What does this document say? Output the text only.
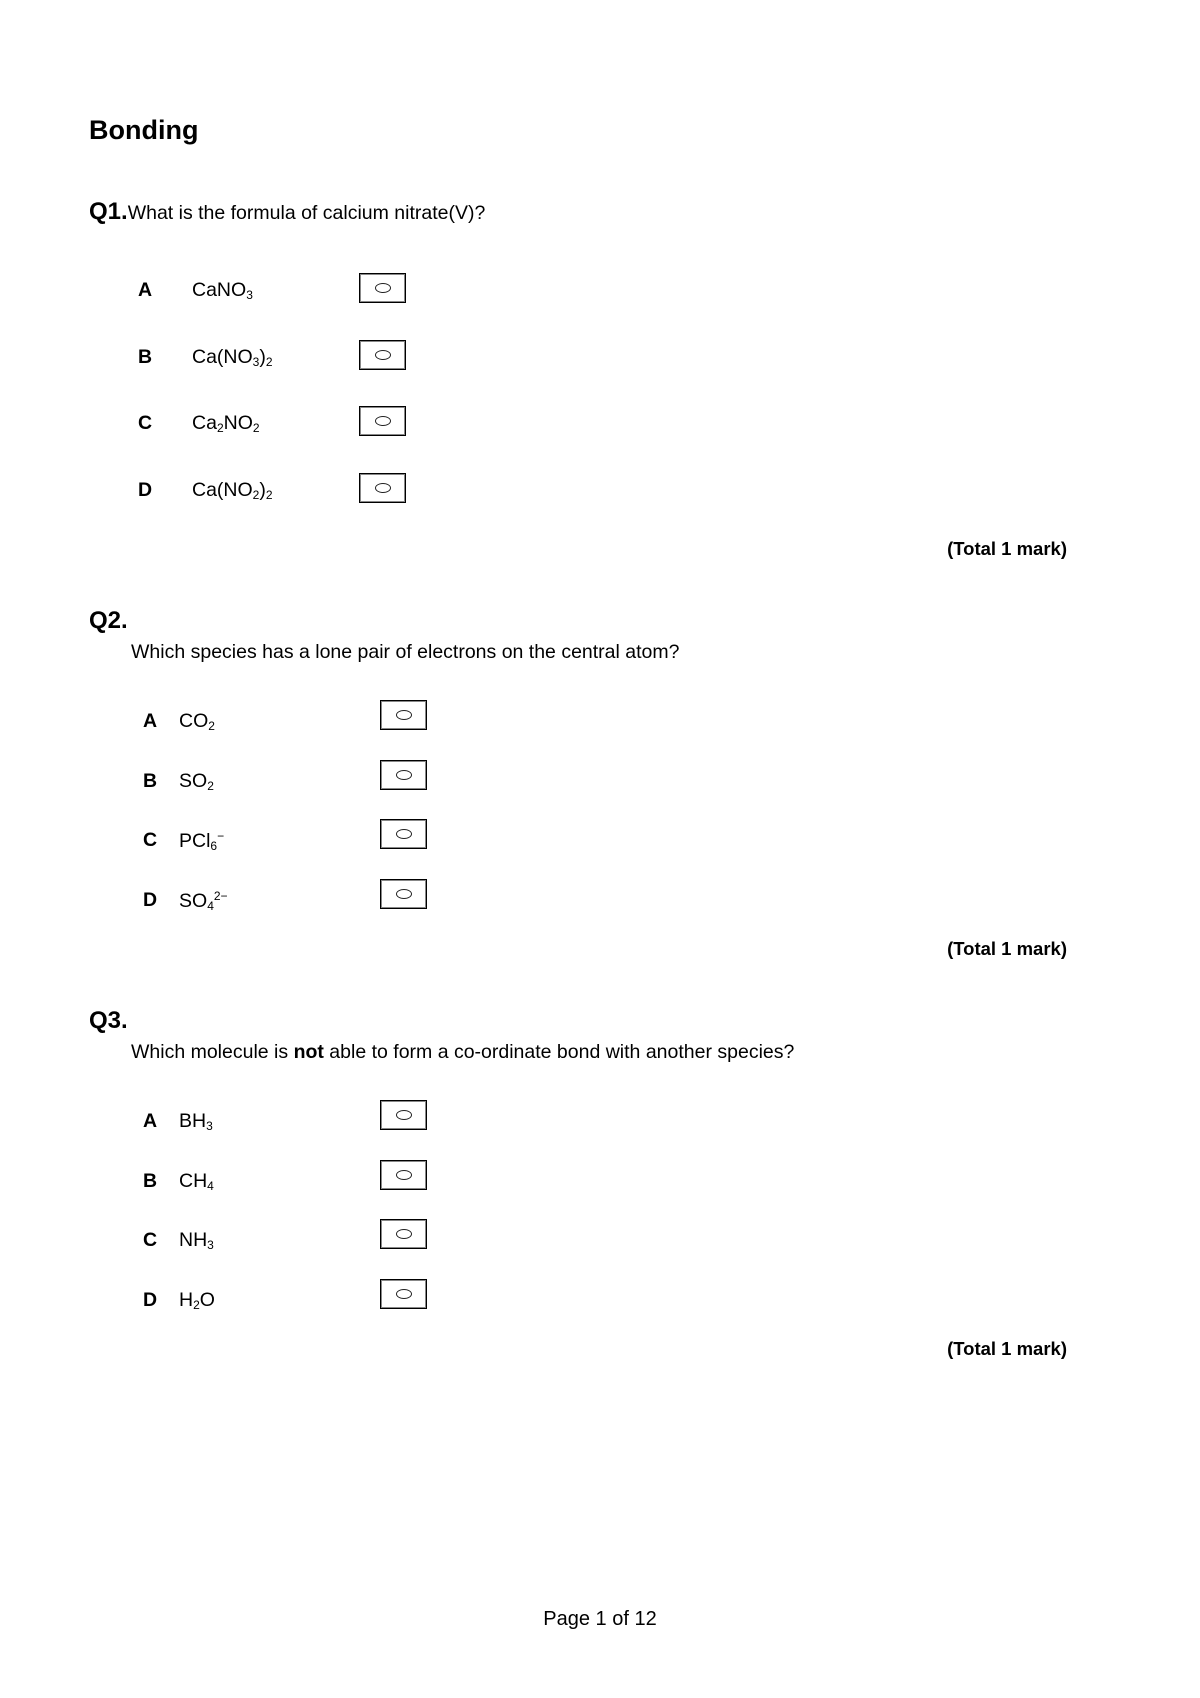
Bonding
Q1.What is the formula of calcium nitrate(V)?
A CaNO$_3$
B $Ca(NO_3)_2$
C $Ca_2NO_2$
D $Ca(NO_2)_2$
(Total 1 mark)
Q2.
Which species has a lone pair of electrons on the central atom?
A $CO_2$
B $SO_2$
C PCl$_6$−
D $SO_4^{2-}$
(Total 1 mark)
Q3.
Which molecule is not able to form a co-ordinate bond with another species?
A $BH_3$
B $CH_4$
C $NH_3$
D $H_2O$
(Total 1 mark)
Page 1 of 12
